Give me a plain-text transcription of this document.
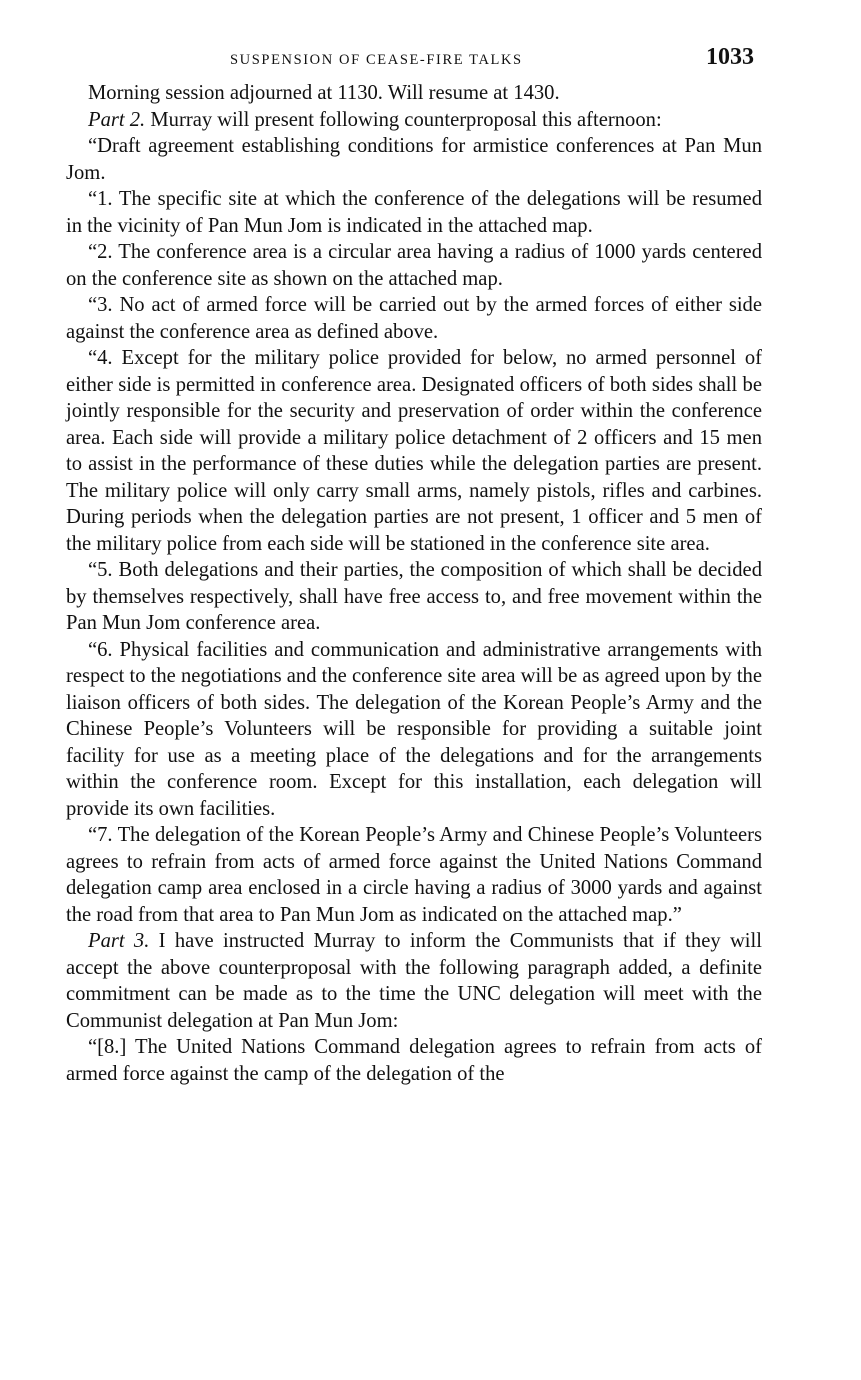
SUSPENSION OF CEASE-FIRE TALKS	1033

Morning session adjourned at 1130. Will resume at 1430.

Part 2. Murray will present following counterproposal this afternoon:

“Draft agreement establishing conditions for armistice conferences at Pan Mun Jom.

“1. The specific site at which the conference of the delegations will be resumed in the vicinity of Pan Mun Jom is indicated in the attached map.

“2. The conference area is a circular area having a radius of 1000 yards centered on the conference site as shown on the attached map.

“3. No act of armed force will be carried out by the armed forces of either side against the conference area as defined above.

“4. Except for the military police provided for below, no armed personnel of either side is permitted in conference area. Designated officers of both sides shall be jointly responsible for the security and preservation of order within the conference area. Each side will provide a military police detachment of 2 officers and 15 men to assist in the performance of these duties while the delegation parties are present. The military police will only carry small arms, namely pistols, rifles and carbines. During periods when the delegation parties are not present, 1 officer and 5 men of the military police from each side will be stationed in the conference site area.

“5. Both delegations and their parties, the composition of which shall be decided by themselves respectively, shall have free access to, and free movement within the Pan Mun Jom conference area.

“6. Physical facilities and communication and administrative arrangements with respect to the negotiations and the conference site area will be as agreed upon by the liaison officers of both sides. The delegation of the Korean People’s Army and the Chinese People’s Volunteers will be responsible for providing a suitable joint facility for use as a meeting place of the delegations and for the arrangements within the conference room. Except for this installation, each delegation will provide its own facilities.

“7. The delegation of the Korean People’s Army and Chinese People’s Volunteers agrees to refrain from acts of armed force against the United Nations Command delegation camp area enclosed in a circle having a radius of 3000 yards and against the road from that area to Pan Mun Jom as indicated on the attached map.”

Part 3. I have instructed Murray to inform the Communists that if they will accept the above counterproposal with the following paragraph added, a definite commitment can be made as to the time the UNC delegation will meet with the Communist delegation at Pan Mun Jom:

“[8.] The United Nations Command delegation agrees to refrain from acts of armed force against the camp of the delegation of the
